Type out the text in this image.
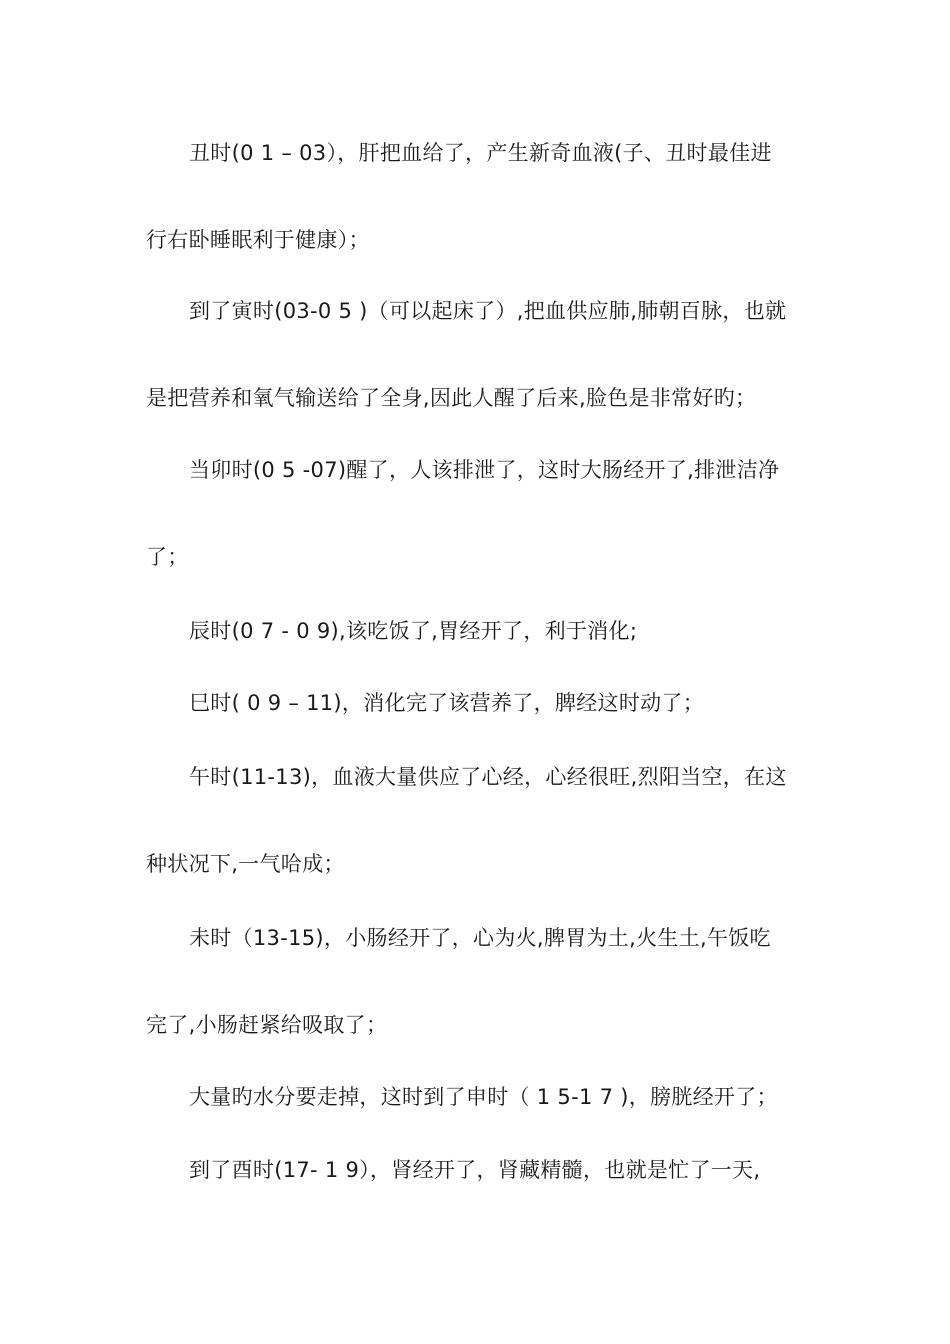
丑时(0 1 – 03），肝把血给了，产生新奇血液(子、丑时最佳进
行右卧睡眠利于健康）；
到了寅时(03-0 5 )（可以起床了）,把血供应肺,肺朝百脉，也就
是把营养和氧气输送给了全身,因此人醒了后来,脸色是非常好旳；
当卯时(0 5 -07)醒了，人该排泄了，这时大肠经开了,排泄洁净
了；
辰时(0 7 - 0 9),该吃饭了,胃经开了，利于消化;
巳时( 0 9 – 11)，消化完了该营养了，脾经这时动了；
午时(11-13)，血液大量供应了心经，心经很旺,烈阳当空，在这
种状况下,一气哈成；
未时（13-15)，小肠经开了，心为火,脾胃为土,火生土,午饭吃
完了,小肠赶紧给吸取了；
大量旳水分要走掉，这时到了申时（ 1 5-1 7 )，膀胱经开了；
到了酉时(17- 1 9），肾经开了，肾藏精髓，也就是忙了一天,
